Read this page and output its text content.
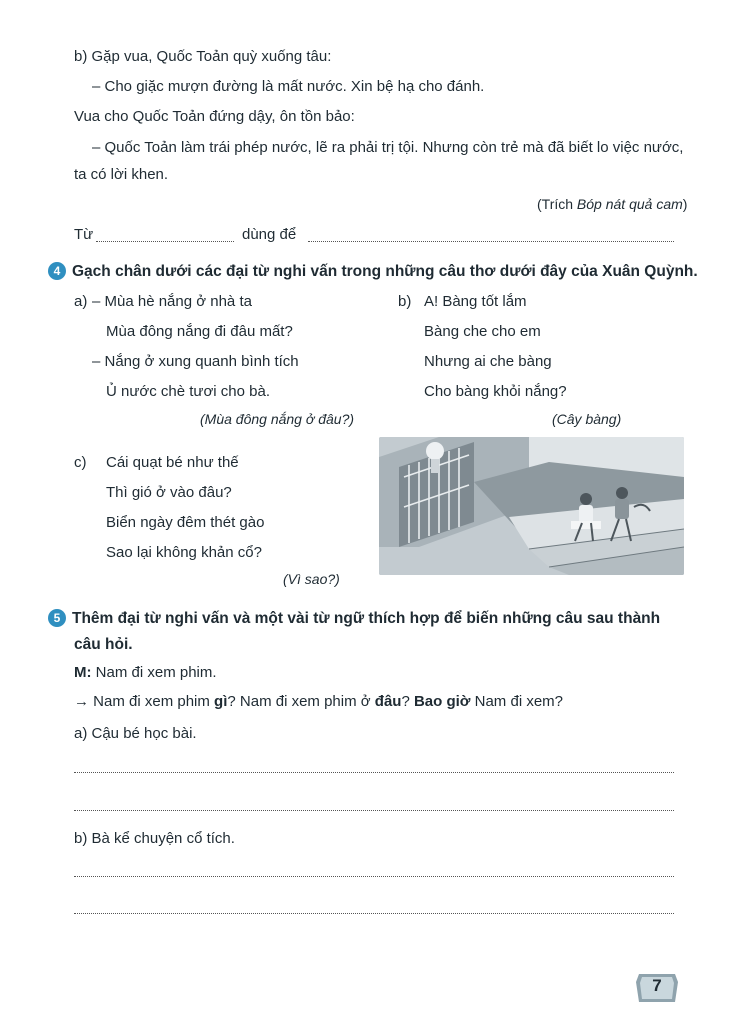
b) Gặp vua, Quốc Toản quỳ xuống tâu:
– Cho giặc mượn đường là mất nước. Xin bệ hạ cho đánh.
Vua cho Quốc Toản đứng dậy, ôn tồn bảo:
– Quốc Toản làm trái phép nước, lẽ ra phải trị tội. Nhưng còn trẻ mà đã biết lo việc nước,
ta có lời khen.
(Trích Bóp nát quả cam)
Từ	dùng để
4 Gạch chân dưới các đại từ nghi vấn trong những câu thơ dưới đây của Xuân Quỳnh.
a) – Mùa hè nắng ở nhà ta
Mùa đông nắng đi đâu mất?
– Nắng ở xung quanh bình tích
Ủ nước chè tươi cho bà.
(Mùa đông nắng ở đâu?)
b) A! Bàng tốt lắm
Bàng che cho em
Nhưng ai che bàng
Cho bàng khỏi nắng?
(Cây bàng)
c) Cái quạt bé như thế
Thì gió ở vào đâu?
Biển ngày đêm thét gào
Sao lại không khản cổ?
(Vì sao?)
5 Thêm đại từ nghi vấn và một vài từ ngữ thích hợp để biến những câu sau thành
câu hỏi.
M: Nam đi xem phim.
→ Nam đi xem phim gì? Nam đi xem phim ở đâu? Bao giờ Nam đi xem?
a) Cậu bé học bài.
b) Bà kể chuyện cổ tích.
7
